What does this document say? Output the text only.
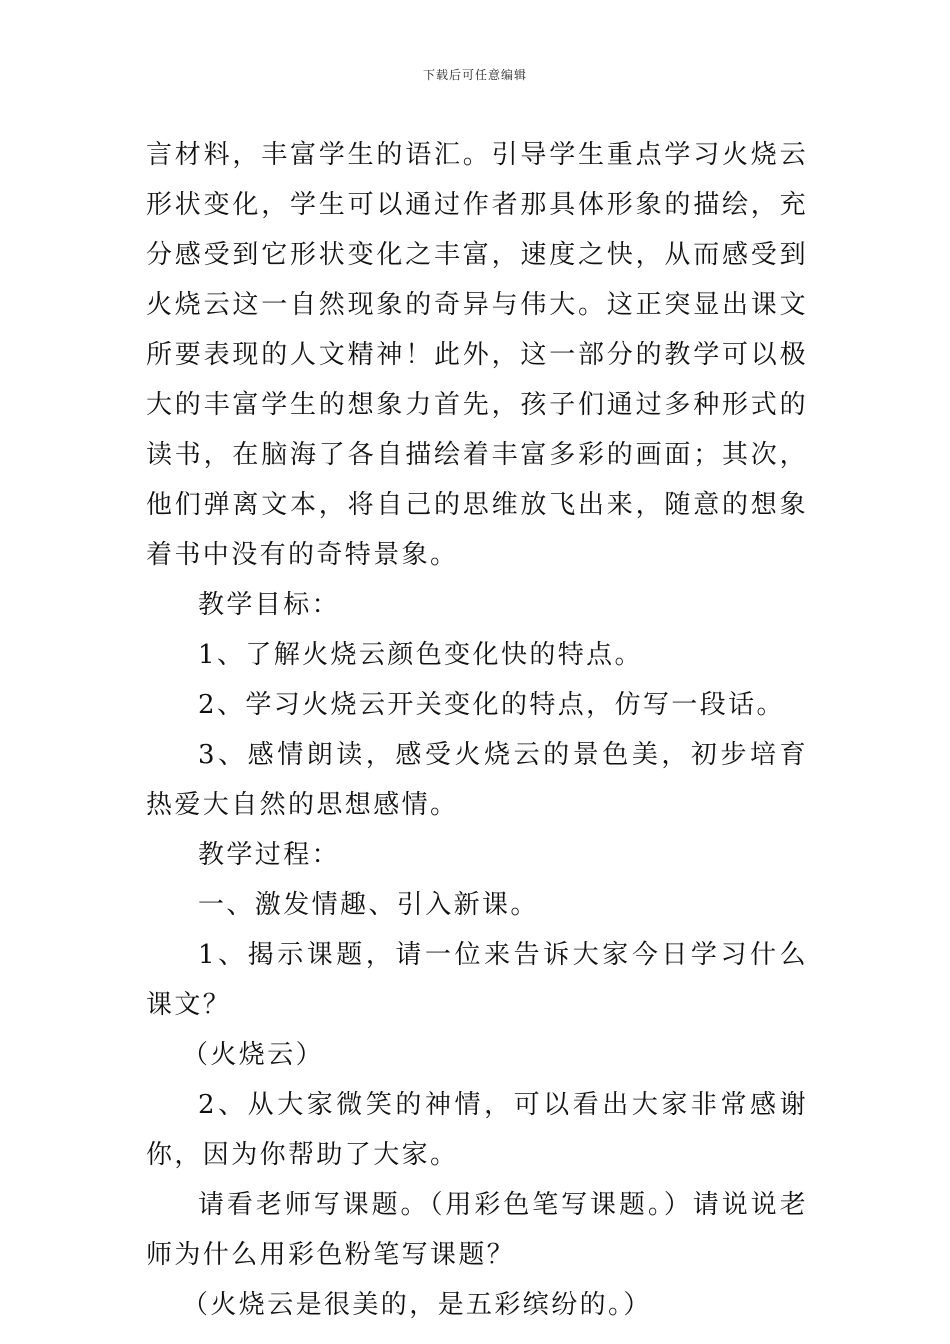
下载后可任意编辑

言材料，丰富学生的语汇。引导学生重点学习火烧云形状变化，学生可以通过作者那具体形象的描绘，充分感受到它形状变化之丰富，速度之快，从而感受到火烧云这一自然现象的奇异与伟大。这正突显出课文所要表现的人文精神！此外，这一部分的教学可以极大的丰富学生的想象力首先，孩子们通过多种形式的读书，在脑海了各自描绘着丰富多彩的画面；其次，他们弹离文本，将自己的思维放飞出来，随意的想象着书中没有的奇特景象。

教学目标：

1、了解火烧云颜色变化快的特点。

2、学习火烧云开关变化的特点，仿写一段话。

3、感情朗读，感受火烧云的景色美，初步培育热爱大自然的思想感情。

教学过程：

一、激发情趣、引入新课。

1、揭示课题，请一位来告诉大家今日学习什么课文？

（火烧云）

2、从大家微笑的神情，可以看出大家非常感谢你，因为你帮助了大家。

请看老师写课题。（用彩色笔写课题。）请说说老师为什么用彩色粉笔写课题？

（火烧云是很美的，是五彩缤纷的。）
